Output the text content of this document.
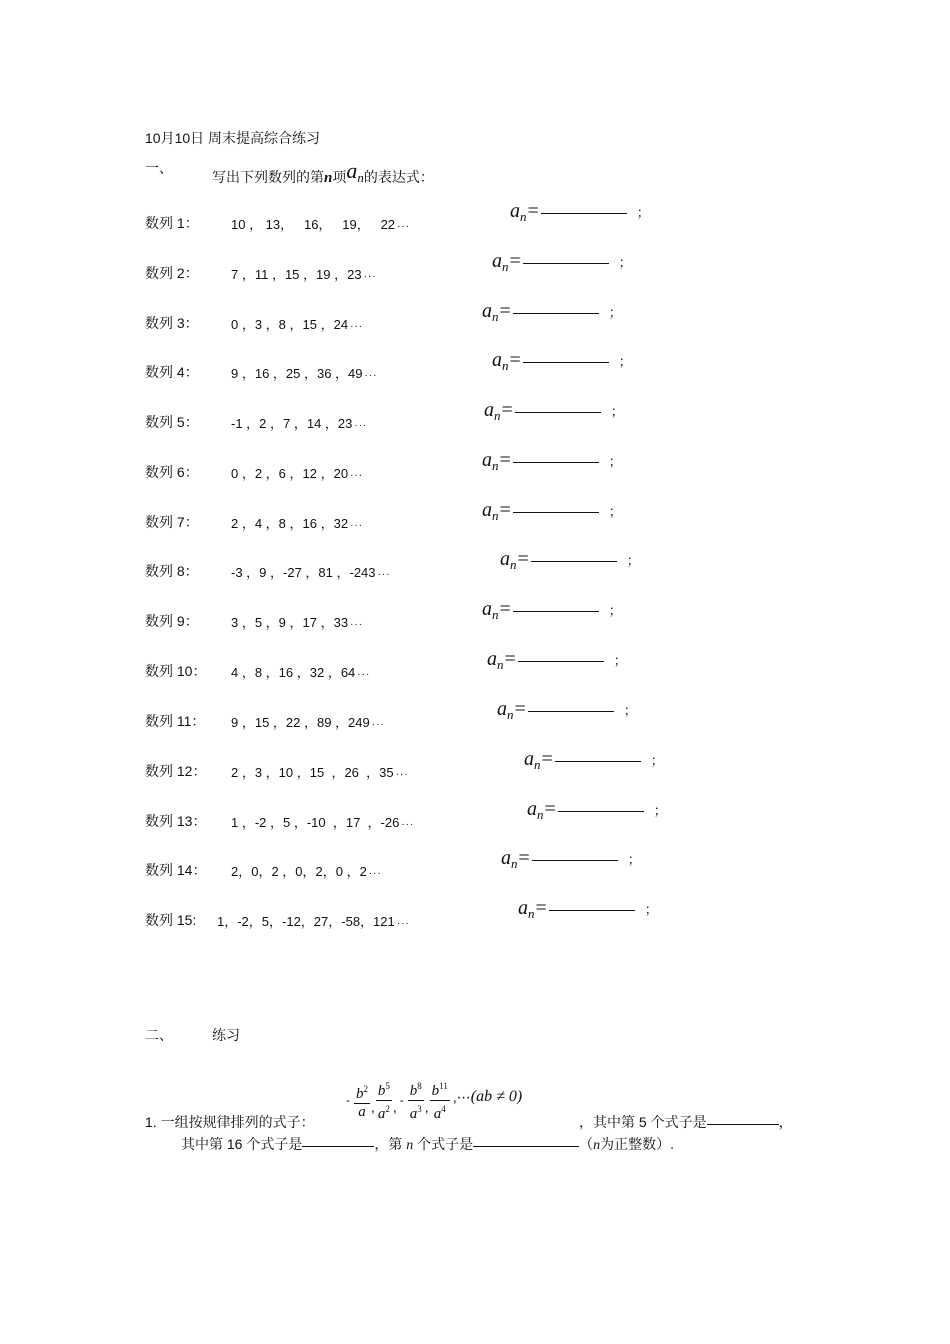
10月10日 周末提高综合练习
一、
写出下列数列的第n项an的表达式：
数列 1： 10 ， 13，   16，   19，   22 ···
$a_n=$	；
数列 2： 7 ，11 ，15 ，19 ，23 ···
$a_n=$	；
数列 3： 0 ，3 ，8 ，15 ，24 ···
$a_n=$	；
数列 4： 9 ，16 ，25 ，36 ，49 ···
$a_n=$	；
数列 5： -1 ，2 ，7 ，14 ，23 ···
$a_n=$	；
数列 6： 0 ，2 ，6 ，12 ，20 ···
$a_n=$	；
数列 7： 2 ，4 ，8 ，16 ，32 ···
$a_n=$	；
数列 8： -3 ，9 ，-27 ，81 ，-243 ···
$a_n=$	；
数列 9： 3 ，5 ，9 ，17 ，33 ···
$a_n=$	；
数列 10： 4 ，8 ，16 ，32 ，64 ···
$a_n=$	；
数列 11： 9 ，15 ，22 ，89 ，249 ···
$a_n=$	；
数列 12： 2 ，3 ，10 ，15  ，26  ，35 ···
$a_n=$	；
数列 13： 1 ，-2 ，5 ，-10  ，17  ，-26 ···
$a_n=$	；
数列 14： 2，0，2 ，0，2，0 ，2 ···
$a_n=$	；
数列 15: 1，-2，5，-12，27，-58，121 ···
$a_n=$	；
二、	练习
1. 一组按规律排列的式子：
- $\frac{b^2}{a}$ , $\frac{b^5}{a^2}$ , - $\frac{b^8}{a^3}$ , $\frac{b^{11}}{a^4}$ ,⋯(ab ≠ 0)
，其中第 5 个式子是	，
其中第 16 个式子是	，第 n 个式子是	（n为正整数）.
